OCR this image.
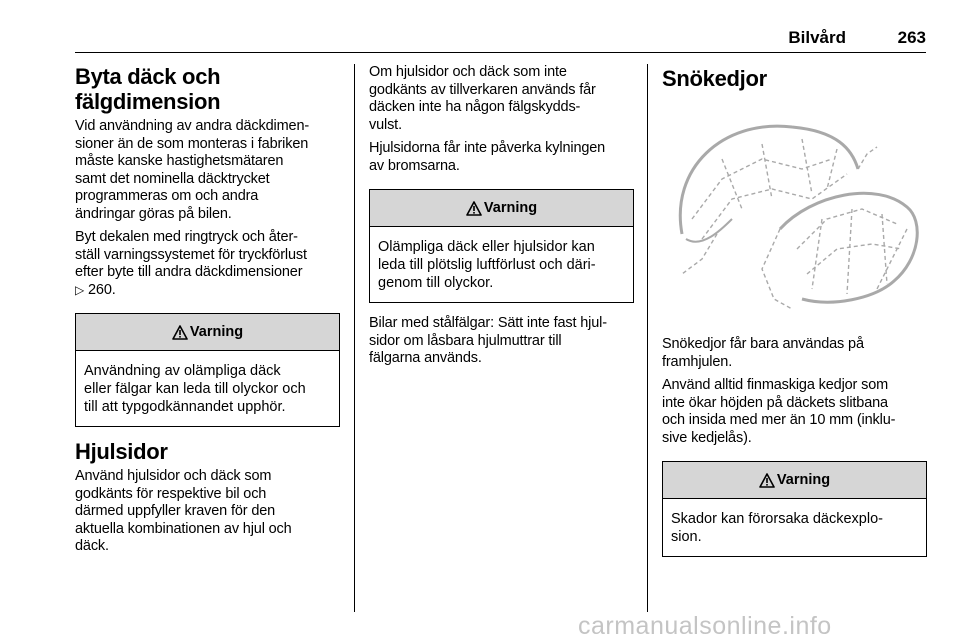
Bilvård	263
Byta däck och
fälgdimension

Vid användning av andra däckdimen-
sioner än de som monteras i fabriken
måste kanske hastighetsmätaren
samt det nominella däcktrycket
programmeras om och andra
ändringar göras på bilen.

Byt dekalen med ringtryck och åter-
ställ varningssystemet för tryckförlust
efter byte till andra däckdimensioner
▷ 260.

Varning
Användning av olämpliga däck
eller fälgar kan leda till olyckor och
till att typgodkännandet upphör.
Hjulsidor

Använd hjulsidor och däck som
godkänts för respektive bil och
därmed uppfyller kraven för den
aktuella kombinationen av hjul och
däck.

Om hjulsidor och däck som inte
godkänts av tillverkaren används får
däcken inte ha någon fälgskydds-
vulst.

Hjulsidorna får inte påverka kylningen
av bromsarna.

Varning
Olämpliga däck eller hjulsidor kan
leda till plötslig luftförlust och däri-
genom till olyckor.

Bilar med stålfälgar: Sätt inte fast hjul-
sidor om låsbara hjulmuttrar till
fälgarna används.

Snökedjor

Snökedjor får bara användas på
framhjulen.

Använd alltid finmaskiga kedjor som
inte ökar höjden på däckets slitbana
och insida med mer än 10 mm (inklu-
sive kedjelås).

Varning
Skador kan förorsaka däckexplo-
sion.
carmanualsonline.info
